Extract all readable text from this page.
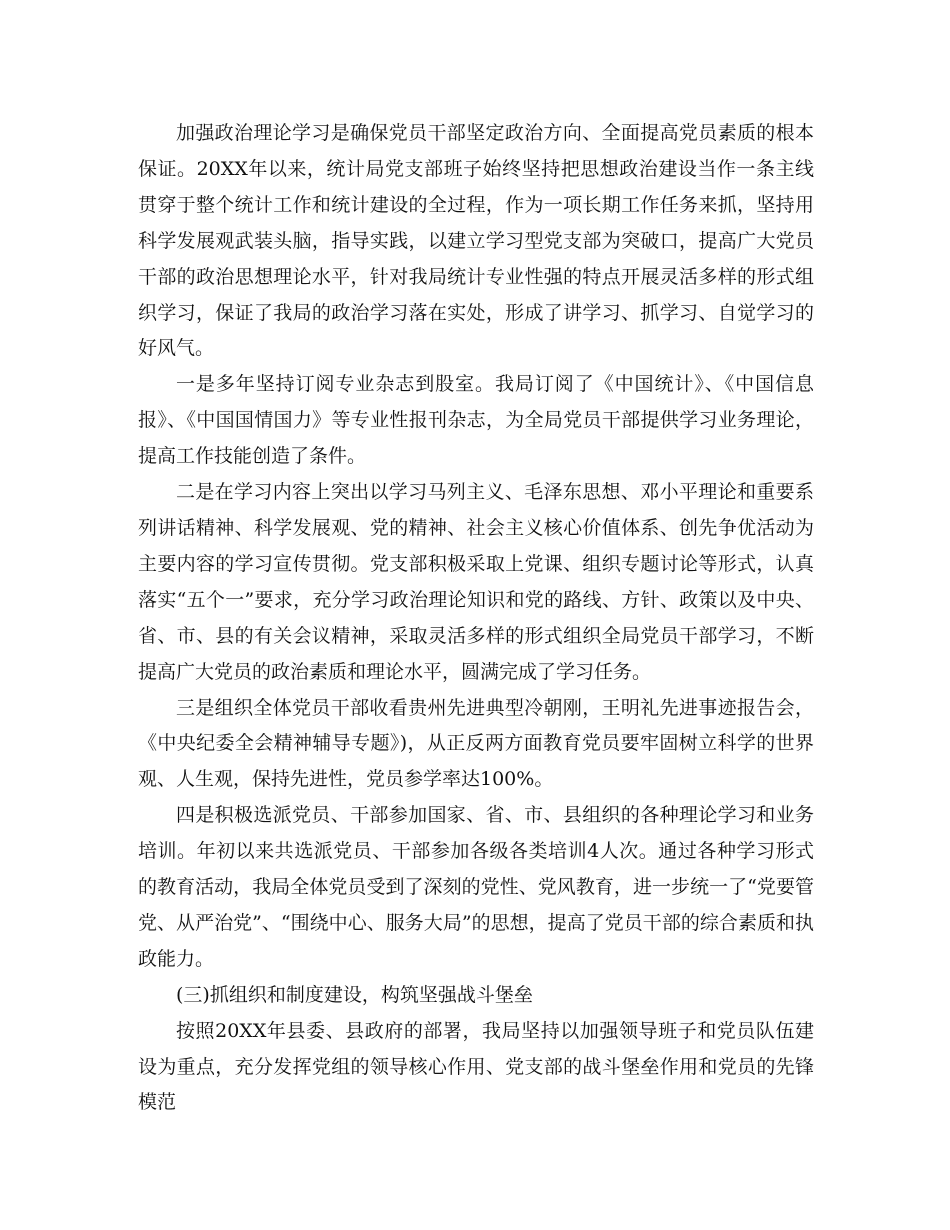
加强政治理论学习是确保党员干部坚定政治方向、全面提高党员素质的根本保证。20XX年以来，统计局党支部班子始终坚持把思想政治建设当作一条主线贯穿于整个统计工作和统计建设的全过程，作为一项长期工作任务来抓，坚持用科学发展观武装头脑，指导实践，以建立学习型党支部为突破口，提高广大党员干部的政治思想理论水平，针对我局统计专业性强的特点开展灵活多样的形式组织学习，保证了我局的政治学习落在实处，形成了讲学习、抓学习、自觉学习的好风气。

一是多年坚持订阅专业杂志到股室。我局订阅了《中国统计》、《中国信息报》、《中国国情国力》等专业性报刊杂志，为全局党员干部提供学习业务理论，提高工作技能创造了条件。

二是在学习内容上突出以学习马列主义、毛泽东思想、邓小平理论和重要系列讲话精神、科学发展观、党的精神、社会主义核心价值体系、创先争优活动为主要内容的学习宣传贯彻。党支部积极采取上党课、组织专题讨论等形式，认真落实“五个一”要求，充分学习政治理论知识和党的路线、方针、政策以及中央、省、市、县的有关会议精神，采取灵活多样的形式组织全局党员干部学习，不断提高广大党员的政治素质和理论水平，圆满完成了学习任务。

三是组织全体党员干部收看贵州先进典型冷朝刚，王明礼先进事迹报告会，《中央纪委全会精神辅导专题》)，从正反两方面教育党员要牢固树立科学的世界观、人生观，保持先进性，党员参学率达100%。

四是积极选派党员、干部参加国家、省、市、县组织的各种理论学习和业务培训。年初以来共选派党员、干部参加各级各类培训4人次。通过各种学习形式的教育活动，我局全体党员受到了深刻的党性、党风教育，进一步统一了“党要管党、从严治党”、“围绕中心、服务大局”的思想，提高了党员干部的综合素质和执政能力。

(三)抓组织和制度建设，构筑坚强战斗堡垒

按照20XX年县委、县政府的部署，我局坚持以加强领导班子和党员队伍建设为重点，充分发挥党组的领导核心作用、党支部的战斗堡垒作用和党员的先锋模范
